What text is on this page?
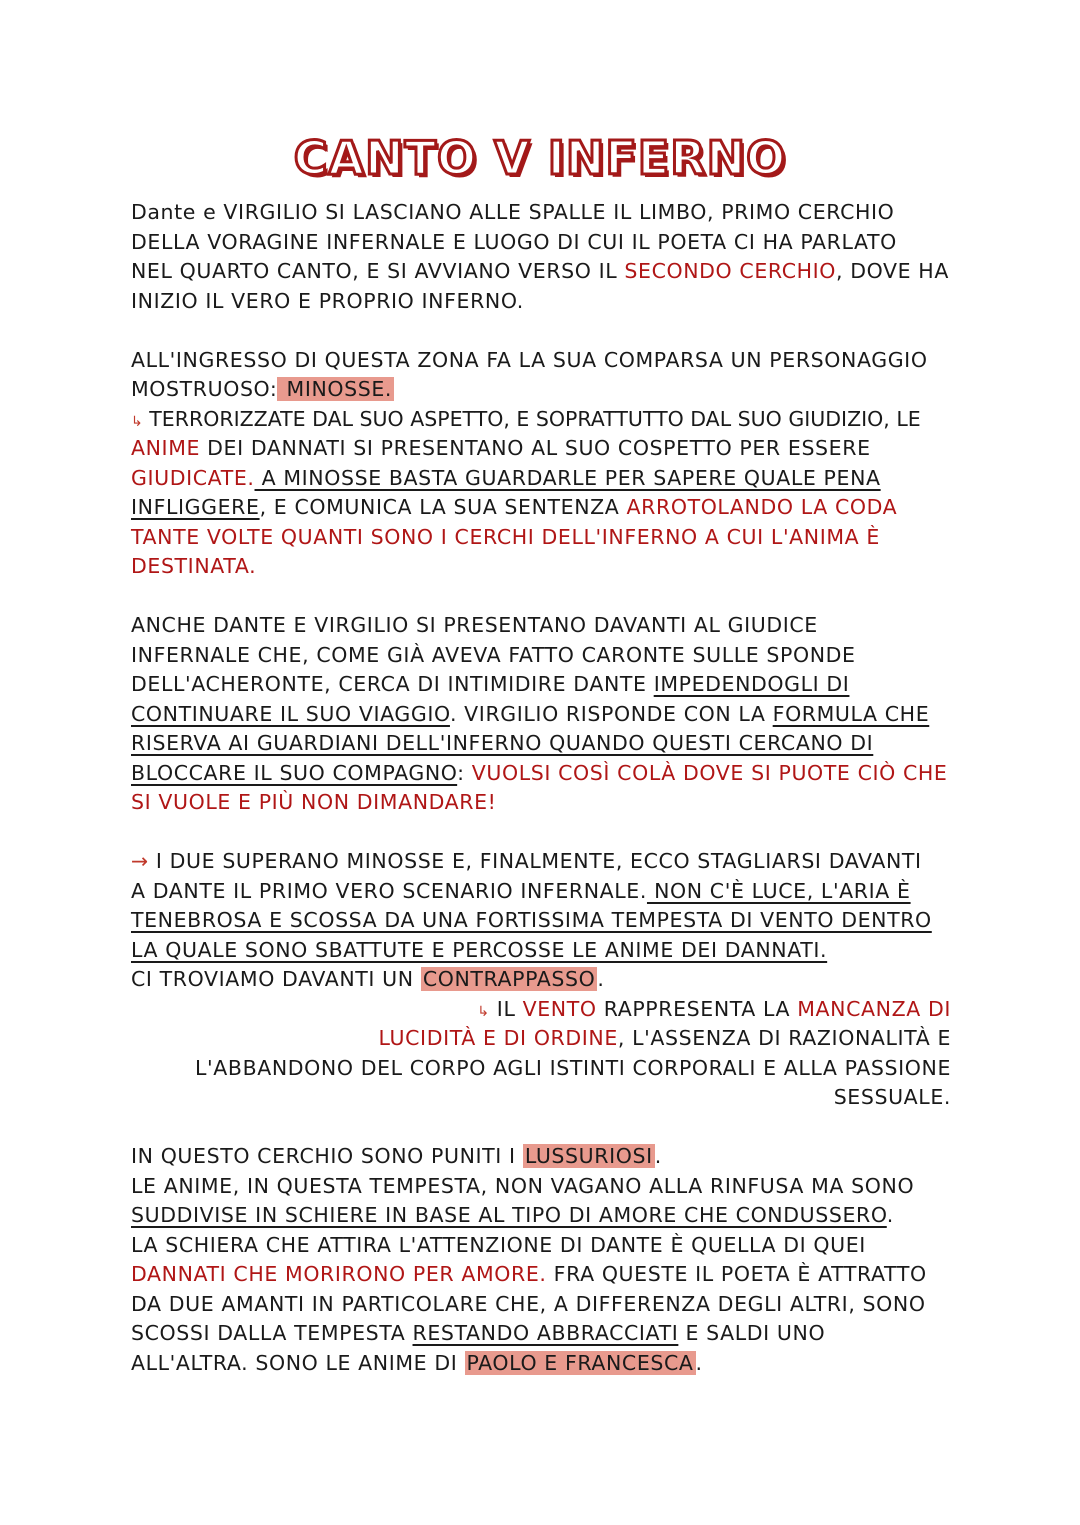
CANTO V INFERNO
Dante e VIRGILIO SI LASCIANO ALLE SPALLE IL LIMBO, PRIMO CERCHIO
DELLA VORAGINE INFERNALE E LUOGO DI CUI IL POETA CI HA PARLATO
NEL QUARTO CANTO, E SI AVVIANO VERSO IL SECONDO CERCHIO, DOVE HA
INIZIO IL VERO E PROPRIO INFERNO.
ALL'INGRESSO DI QUESTA ZONA FA LA SUA COMPARSA UN PERSONAGGIO
MOSTRUOSO: MINOSSE.
↳ TERRORIZZATE DAL SUO ASPETTO, E SOPRATTUTTO DAL SUO GIUDIZIO, LE
ANIME DEI DANNATI SI PRESENTANO AL SUO COSPETTO PER ESSERE
GIUDICATE. A MINOSSE BASTA GUARDARLE PER SAPERE QUALE PENA
INFLIGGERE, E COMUNICA LA SUA SENTENZA ARROTOLANDO LA CODA
TANTE VOLTE QUANTI SONO I CERCHI DELL'INFERNO A CUI L'ANIMA È
DESTINATA.
ANCHE DANTE E VIRGILIO SI PRESENTANO DAVANTI AL GIUDICE
INFERNALE CHE, COME GIÀ AVEVA FATTO CARONTE SULLE SPONDE
DELL'ACHERONTE, CERCA DI INTIMIDIRE DANTE IMPEDENDOGLI DI
CONTINUARE IL SUO VIAGGIO. VIRGILIO RISPONDE CON LA FORMULA CHE
RISERVA AI GUARDIANI DELL'INFERNO QUANDO QUESTI CERCANO DI
BLOCCARE IL SUO COMPAGNO: VUOLSI COSÌ COLÀ DOVE SI PUOTE CIÒ CHE
SI VUOLE E PIÙ NON DIMANDARE!
→ I DUE SUPERANO MINOSSE E, FINALMENTE, ECCO STAGLIARSI DAVANTI
A DANTE IL PRIMO VERO SCENARIO INFERNALE. NON C'È LUCE, L'ARIA È
TENEBROSA E SCOSSA DA UNA FORTISSIMA TEMPESTA DI VENTO DENTRO
LA QUALE SONO SBATTUTE E PERCOSSE LE ANIME DEI DANNATI.
CI TROVIAMO DAVANTI UN CONTRAPPASSO.
↳ IL VENTO RAPPRESENTA LA MANCANZA DI
LUCIDITÀ E DI ORDINE, L'ASSENZA DI RAZIONALITÀ E
L'ABBANDONO DEL CORPO AGLI ISTINTI CORPORALI E ALLA PASSIONE
SESSUALE.
IN QUESTO CERCHIO SONO PUNITI I LUSSURIOSI.
LE ANIME, IN QUESTA TEMPESTA, NON VAGANO ALLA RINFUSA MA SONO
SUDDIVISE IN SCHIERE IN BASE AL TIPO DI AMORE CHE CONDUSSERO.
LA SCHIERA CHE ATTIRA L'ATTENZIONE DI DANTE È QUELLA DI QUEI
DANNATI CHE MORIRONO PER AMORE. FRA QUESTE IL POETA È ATTRATTO
DA DUE AMANTI IN PARTICOLARE CHE, A DIFFERENZA DEGLI ALTRI, SONO
SCOSSI DALLA TEMPESTA RESTANDO ABBRACCIATI E SALDI UNO
ALL'ALTRA. SONO LE ANIME DI PAOLO E FRANCESCA.
